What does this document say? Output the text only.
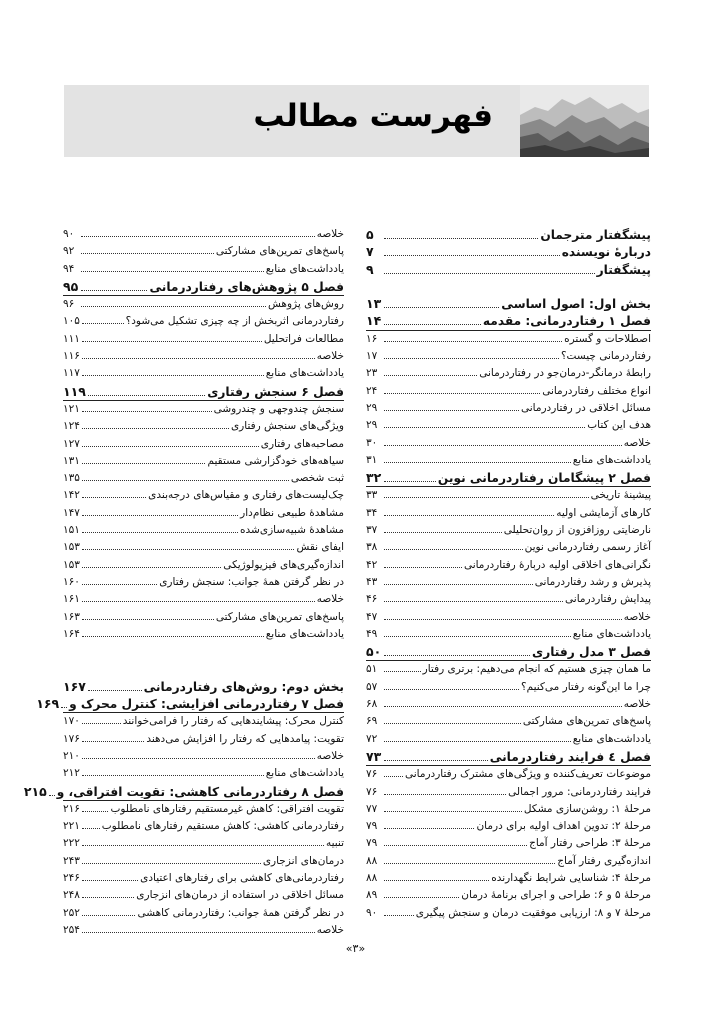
فهرست مطالب
پیشگفتار مترجمان
۵
دربارهٔ نویسنده
۷
پیشگفتار
۹
بخش اول: اصول اساسی
۱۳
فصل ۱ رفتاردرمانی: مقدمه
۱۴
اصطلاحات و گستره
۱۶
رفتاردرمانی چیست؟
۱۷
رابطهٔ درمانگر-درمان‌جو در رفتاردرمانی
۲۳
انواع مختلف رفتاردرمانی
۲۴
مسائل اخلاقی در رفتاردرمانی
۲۹
هدف این کتاب
۲۹
خلاصه
۳۰
یادداشت‌های منابع
۳۱
فصل ۲ پیشگامان رفتاردرمانی نوین
۳۲
پیشینهٔ تاریخی
۳۳
کارهای آزمایشی اولیه
۳۴
نارضایتی روزافزون از روان‌تحلیلی
۳۷
آغاز رسمی رفتاردرمانی نوین
۳۸
نگرانی‌های اخلاقی اولیه دربارهٔ رفتاردرمانی
۴۲
پذیرش و رشد رفتاردرمانی
۴۳
پیدایش رفتاردرمانی
۴۶
خلاصه
۴۷
یادداشت‌های منابع
۴۹
فصل ۳ مدل رفتاری
۵۰
ما همان چیزی هستیم که انجام می‌دهیم: برتری رفتار
۵۱
چرا ما این‌گونه رفتار می‌کنیم؟
۵۷
خلاصه
۶۸
پاسخ‌های تمرین‌های مشارکتی
۶۹
یادداشت‌های منابع
۷۲
فصل ٤ فرایند رفتاردرمانی
۷۳
موضوعات تعریف‌کننده و ویژگی‌های مشترک رفتاردرمانی
۷۶
فرایند رفتاردرمانی: مرور اجمالی
۷۶
مرحلهٔ ۱: روشن‌سازی مشکل
۷۷
مرحلهٔ ۲: تدوین اهداف اولیه برای درمان
۷۹
مرحلهٔ ۳: طراحی رفتار آماج
۷۹
اندازه‌گیری رفتار آماج
۸۸
مرحلهٔ ۴: شناسایی شرایط نگهدارنده
۸۸
مرحلهٔ ۵ و ۶: طراحی و اجرای برنامهٔ درمان
۸۹
مرحلهٔ ۷ و ۸: ارزیابی موفقیت درمان و سنجش پیگیری
۹۰
خلاصه
۹۰
پاسخ‌های تمرین‌های مشارکتی
۹۲
یادداشت‌های منابع
۹۴
فصل ۵ پژوهش‌های رفتاردرمانی
۹۵
روش‌های پژوهش
۹۶
رفتاردرمانی اثربخش از چه چیزی تشکیل می‌شود؟
۱۰۵
مطالعات فراتحلیل
۱۱۱
خلاصه
۱۱۶
یادداشت‌های منابع
۱۱۷
فصل ۶ سنجش رفتاری
۱۱۹
سنجش چندوجهی و چندروشی
۱۲۱
ویژگی‌های سنجش رفتاری
۱۲۴
مصاحبه‌های رفتاری
۱۲۷
سیاهه‌های خودگزارشی مستقیم
۱۳۱
ثبت شخصی
۱۳۵
چک‌لیست‌های رفتاری و مقیاس‌های درجه‌بندی
۱۴۲
مشاهدهٔ طبیعی نظام‌دار
۱۴۷
مشاهدهٔ شبیه‌سازی‌شده
۱۵۱
ایفای نقش
۱۵۳
اندازه‌گیری‌های فیزیولوژیکی
۱۵۳
در نظر گرفتن همهٔ جوانب: سنجش رفتاری
۱۶۰
خلاصه
۱۶۱
پاسخ‌های تمرین‌های مشارکتی
۱۶۳
یادداشت‌های منابع
۱۶۴
بخش دوم: روش‌های رفتاردرمانی
۱۶۷
فصل ۷ رفتاردرمانی افزایشی: کنترل محرک و
۱۶۹
کنترل محرک: پیشایندهایی که رفتار را فرامی‌خوانند
۱۷۰
تقویت: پیامدهایی که رفتار را افزایش می‌دهند
۱۷۶
خلاصه
۲۱۰
یادداشت‌های منابع
۲۱۲
فصل ۸ رفتاردرمانی کاهشی: تقویت افتراقی، و
۲۱۵
تقویت افتراقی: کاهش غیرمستقیم رفتارهای نامطلوب
۲۱۶
رفتاردرمانی کاهشی: کاهش مستقیم رفتارهای نامطلوب
۲۲۱
تنبیه
۲۲۲
درمان‌های انزجاری
۲۴۳
رفتاردرمانی‌های کاهشی برای رفتارهای اعتیادی
۲۴۶
مسائل اخلاقی در استفاده از درمان‌های انزجاری
۲۴۸
در نظر گرفتن همهٔ جوانب: رفتاردرمانی کاهشی
۲۵۲
خلاصه
۲۵۴
«۳»
